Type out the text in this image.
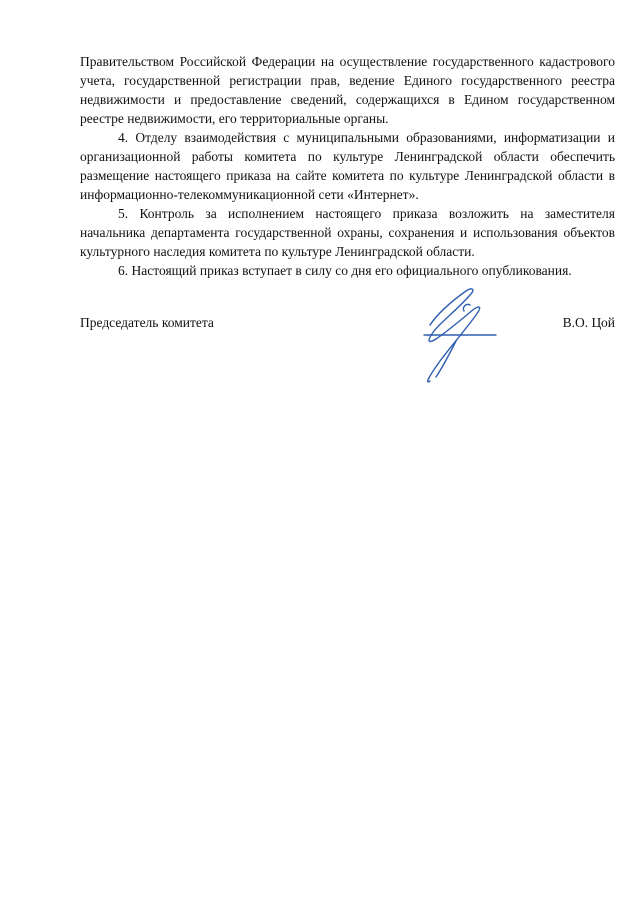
Правительством Российской Федерации на осуществление государственного кадастрового учета, государственной регистрации прав, ведение Единого государственного реестра недвижимости и предоставление сведений, содержащихся в Едином государственном реестре недвижимости, его территориальные органы.

4. Отделу взаимодействия с муниципальными образованиями, информатизации и организационной работы комитета по культуре Ленинградской области обеспечить размещение настоящего приказа на сайте комитета по культуре Ленинградской области в информационно-телекоммуникационной сети «Интернет».

5. Контроль за исполнением настоящего приказа возложить на заместителя начальника департамента государственной охраны, сохранения и использования объектов культурного наследия комитета по культуре Ленинградской области.

6. Настоящий приказ вступает в силу со дня его официального опубликования.

Председатель комитета	В.О. Цой
